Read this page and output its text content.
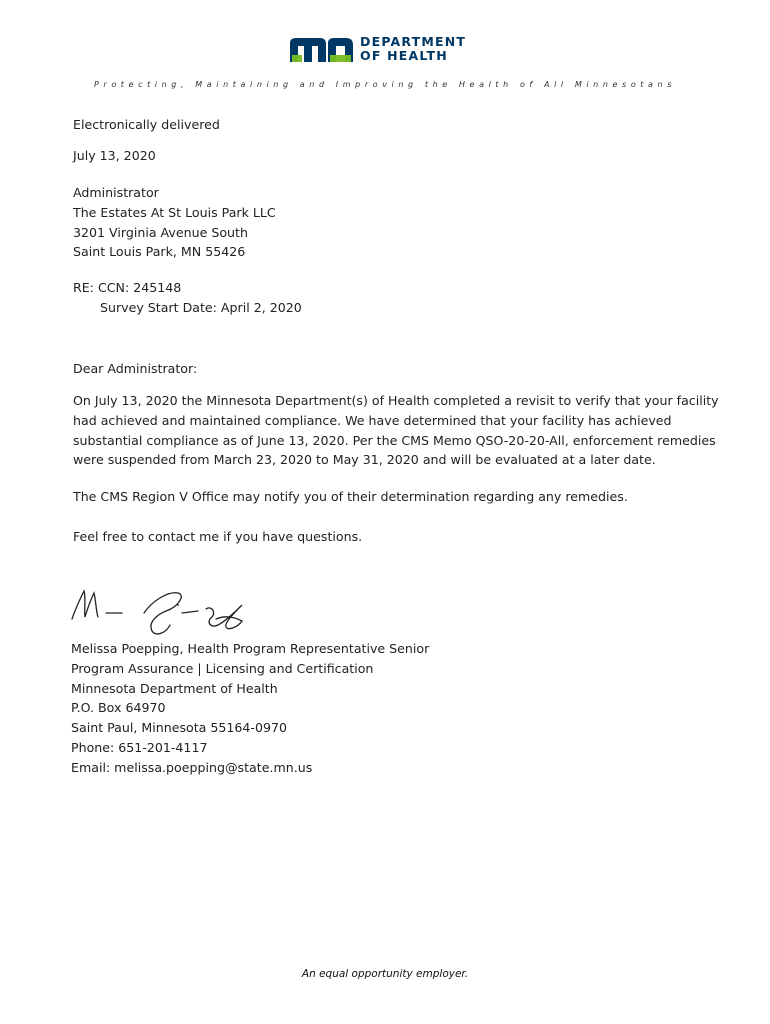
DEPARTMENT
OF HEALTH
Protecting, Maintaining and Improving the Health of All Minnesotans
Electronically delivered
July 13, 2020
Administrator
The Estates At St Louis Park LLC
3201 Virginia Avenue South
Saint Louis Park, MN 55426
RE: CCN: 245148
Survey Start Date: April 2, 2020
Dear Administrator:
On July 13, 2020 the Minnesota Department(s) of Health completed a revisit to verify that your facility
had achieved and maintained compliance. We have determined that your facility has achieved
substantial compliance as of June 13, 2020. Per the CMS Memo QSO-20-20-All, enforcement remedies
were suspended from March 23, 2020 to May 31, 2020 and will be evaluated at a later date.
The CMS Region V Office may notify you of their determination regarding any remedies.
Feel free to contact me if you have questions.
Melissa Poepping, Health Program Representative Senior
Program Assurance | Licensing and Certification
Minnesota Department of Health
P.O. Box 64970
Saint Paul, Minnesota 55164-0970
Phone: 651-201-4117
Email: melissa.poepping@state.mn.us
An equal opportunity employer.
